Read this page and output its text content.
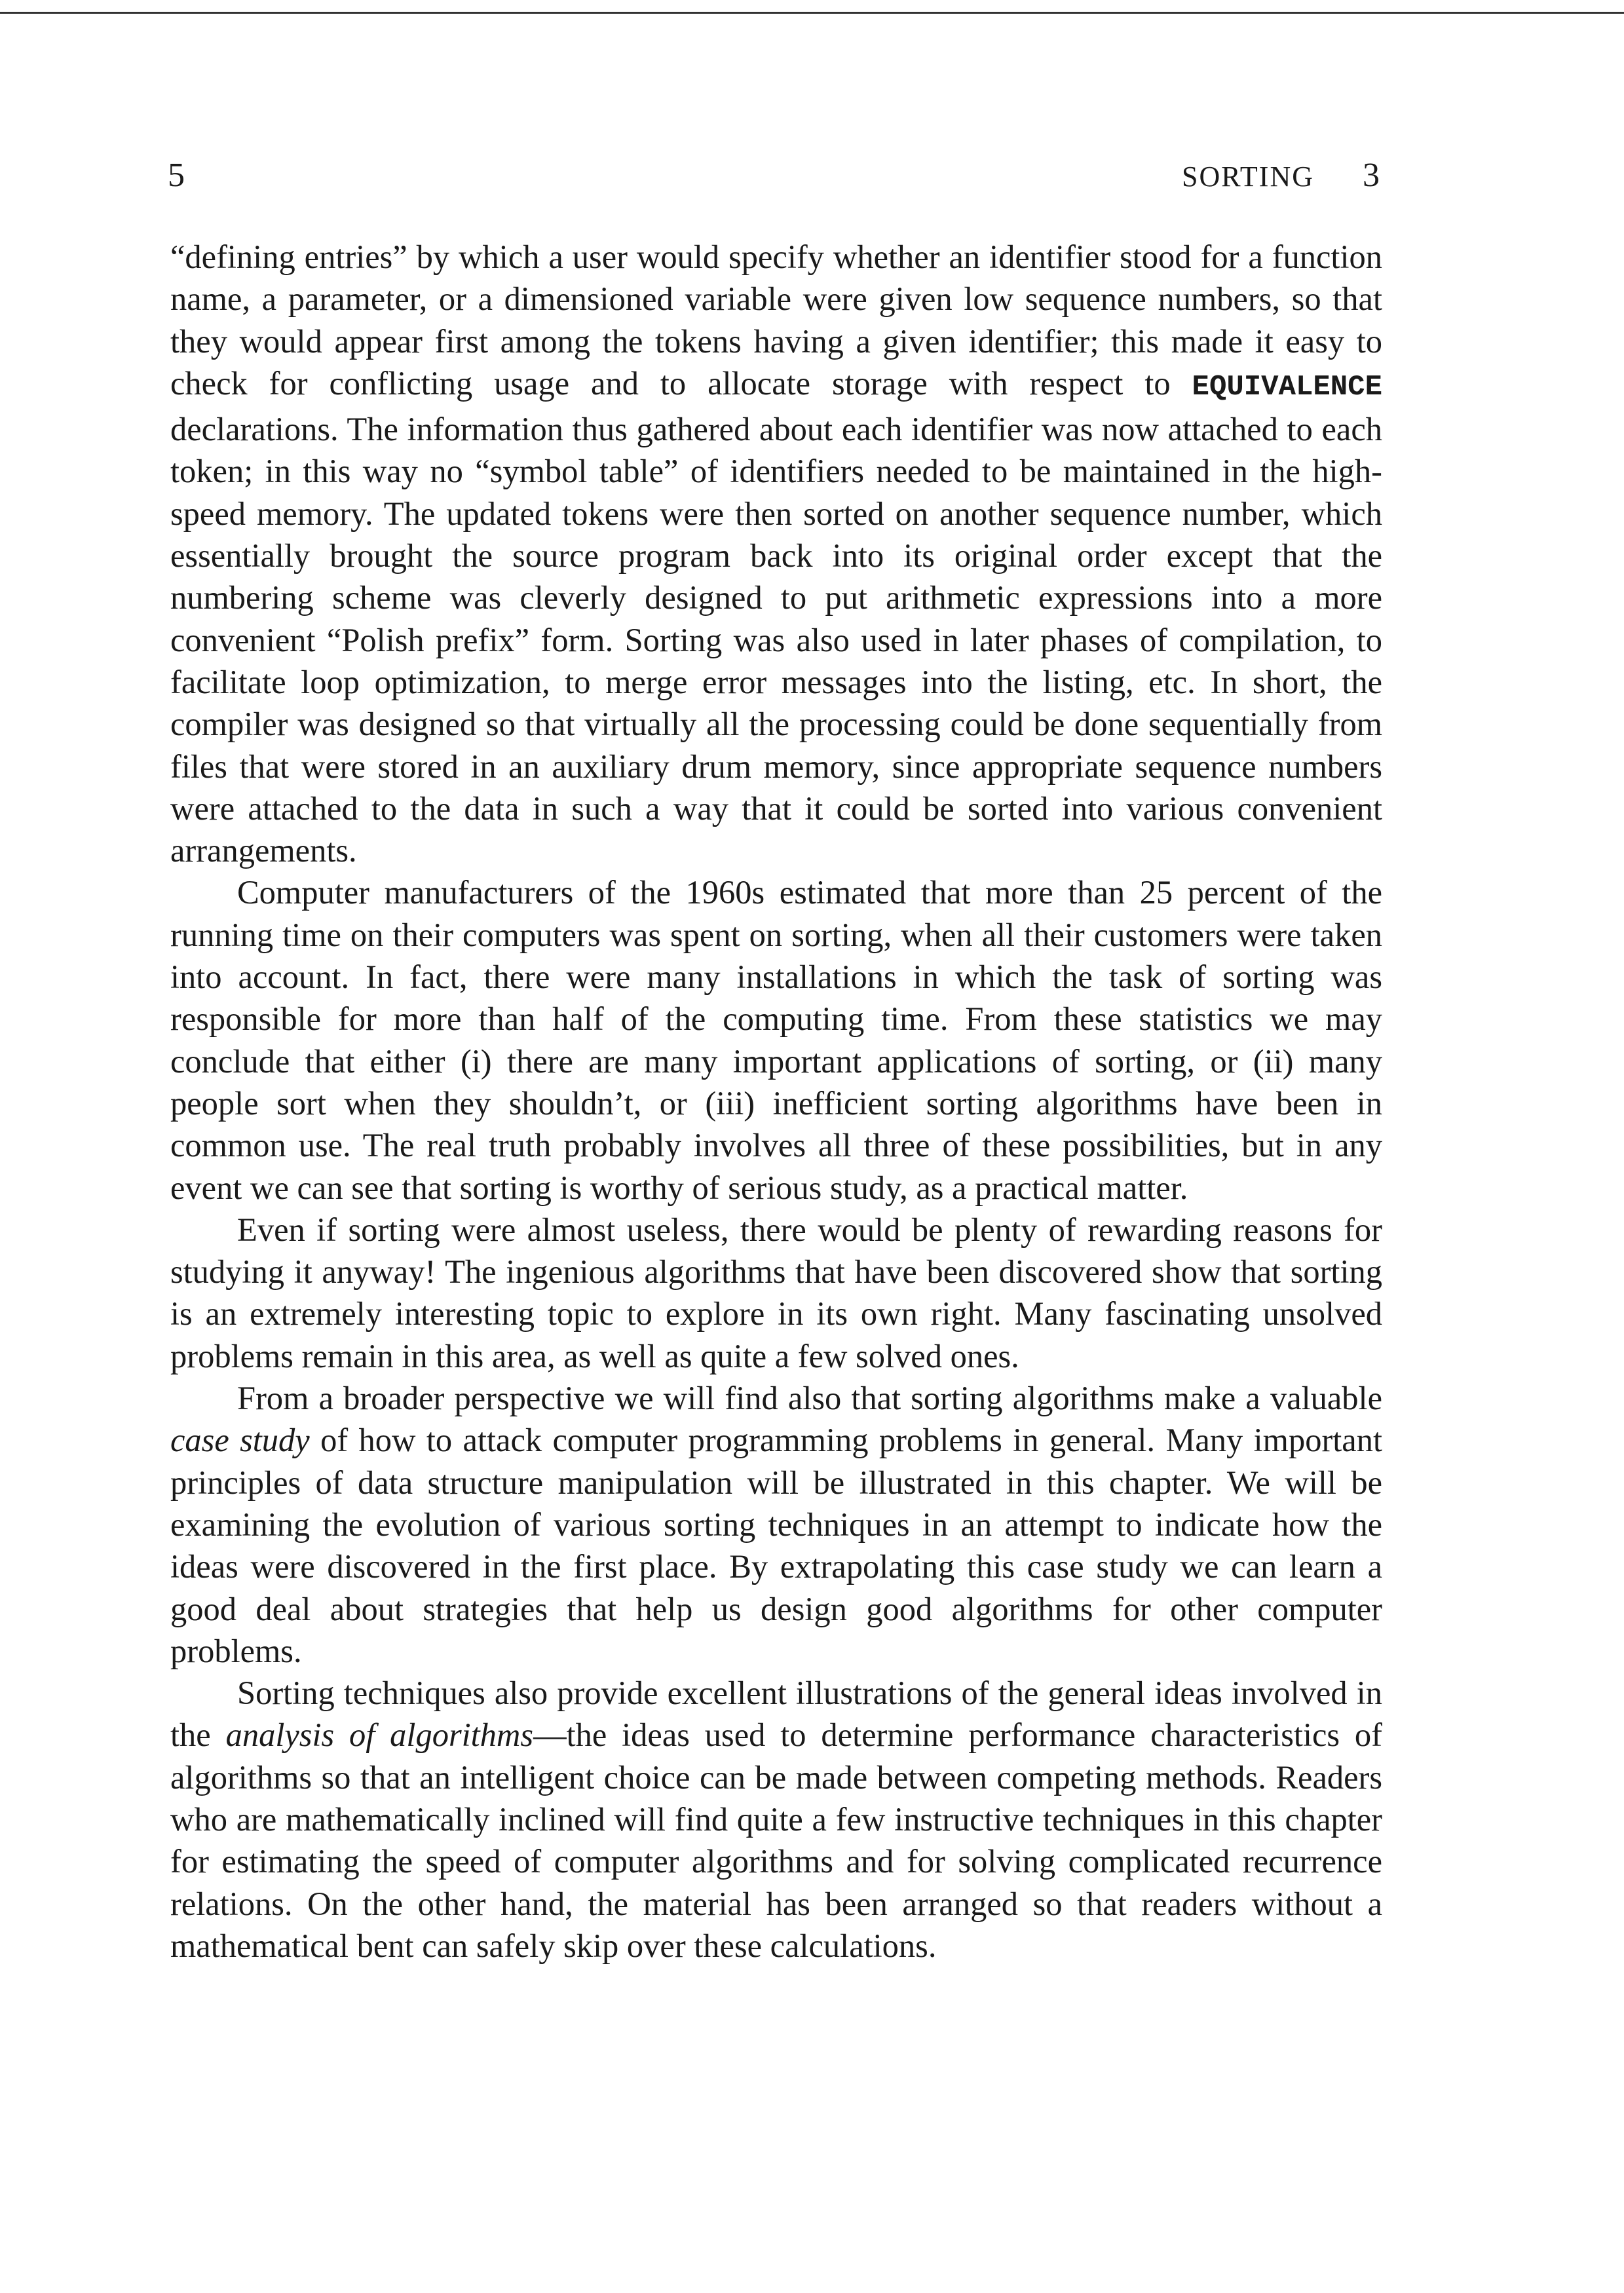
5	SORTING 3

“defining entries” by which a user would specify whether an identifier stood for a function name, a parameter, or a dimensioned variable were given low sequence numbers, so that they would appear first among the tokens having a given identifier; this made it easy to check for conflicting usage and to allocate storage with respect to EQUIVALENCE declarations. The information thus gathered about each identifier was now attached to each token; in this way no “symbol table” of identifiers needed to be maintained in the high-speed memory. The updated tokens were then sorted on another sequence number, which essentially brought the source program back into its original order except that the numbering scheme was cleverly designed to put arithmetic expressions into a more convenient “Polish prefix” form. Sorting was also used in later phases of compilation, to facilitate loop optimization, to merge error messages into the listing, etc. In short, the compiler was designed so that virtually all the processing could be done sequentially from files that were stored in an auxiliary drum memory, since appropriate sequence numbers were attached to the data in such a way that it could be sorted into various convenient arrangements.

Computer manufacturers of the 1960s estimated that more than 25 percent of the running time on their computers was spent on sorting, when all their customers were taken into account. In fact, there were many installations in which the task of sorting was responsible for more than half of the computing time. From these statistics we may conclude that either (i) there are many important applications of sorting, or (ii) many people sort when they shouldn’t, or (iii) inefficient sorting algorithms have been in common use. The real truth probably involves all three of these possibilities, but in any event we can see that sorting is worthy of serious study, as a practical matter.

Even if sorting were almost useless, there would be plenty of rewarding reasons for studying it anyway! The ingenious algorithms that have been discovered show that sorting is an extremely interesting topic to explore in its own right. Many fascinating unsolved problems remain in this area, as well as quite a few solved ones.

From a broader perspective we will find also that sorting algorithms make a valuable case study of how to attack computer programming problems in general. Many important principles of data structure manipulation will be illustrated in this chapter. We will be examining the evolution of various sorting techniques in an attempt to indicate how the ideas were discovered in the first place. By extrapolating this case study we can learn a good deal about strategies that help us design good algorithms for other computer problems.

Sorting techniques also provide excellent illustrations of the general ideas involved in the analysis of algorithms—the ideas used to determine performance characteristics of algorithms so that an intelligent choice can be made between competing methods. Readers who are mathematically inclined will find quite a few instructive techniques in this chapter for estimating the speed of computer algorithms and for solving complicated recurrence relations. On the other hand, the material has been arranged so that readers without a mathematical bent can safely skip over these calculations.
